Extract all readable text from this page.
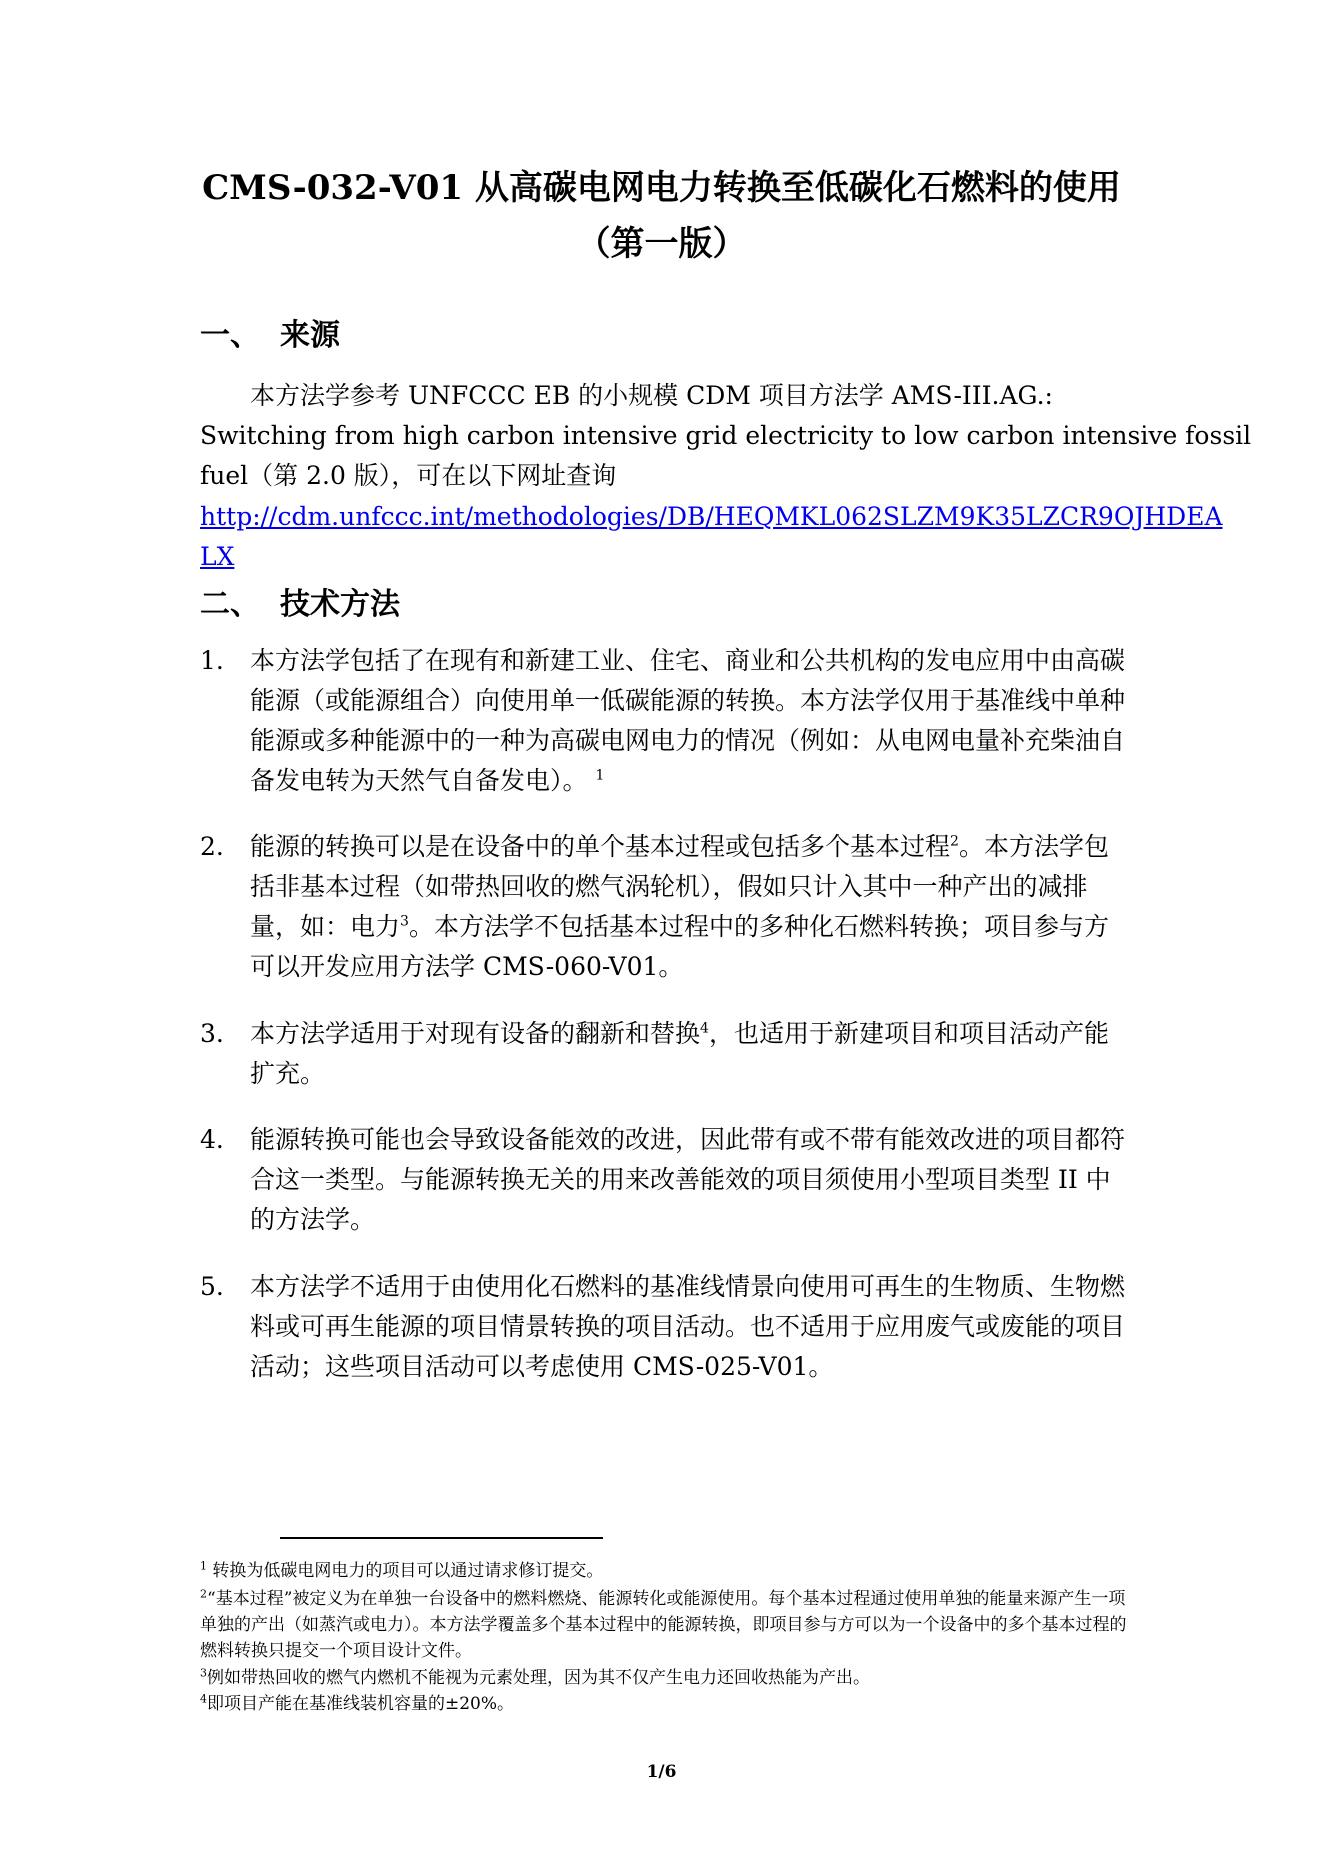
CMS-032-V01 从高碳电网电力转换至低碳化石燃料的使用
（第一版）
一、 来源
本方法学参考 UNFCCC EB 的小规模 CDM 项目方法学 AMS-III.AG.:
Switching from high carbon intensive grid electricity to low carbon intensive fossil
fuel（第 2.0 版），可在以下网址查询
http://cdm.unfccc.int/methodologies/DB/HEQMKL062SLZM9K35LZCR9OJHDEA
LX
二、 技术方法
1.	本方法学包括了在现有和新建工业、住宅、商业和公共机构的发电应用中由高碳能源（或能源组合）向使用单一低碳能源的转换。本方法学仅用于基准线中单种能源或多种能源中的一种为高碳电网电力的情况（例如：从电网电量补充柴油自备发电转为天然气自备发电）。 $^1$
2.	能源的转换可以是在设备中的单个基本过程或包括多个基本过程$^2$。本方法学包括非基本过程（如带热回收的燃气涡轮机），假如只计入其中一种产出的减排量，如：电力$^3$。本方法学不包括基本过程中的多种化石燃料转换；项目参与方可以开发应用方法学 CMS-060-V01。
3.	本方法学适用于对现有设备的翻新和替换$^4$，也适用于新建项目和项目活动产能扩充。
4.	能源转换可能也会导致设备能效的改进，因此带有或不带有能效改进的项目都符合这一类型。与能源转换无关的用来改善能效的项目须使用小型项目类型 II 中的方法学。
5.	本方法学不适用于由使用化石燃料的基准线情景向使用可再生的生物质、生物燃料或可再生能源的项目情景转换的项目活动。也不适用于应用废气或废能的项目活动；这些项目活动可以考虑使用 CMS-025-V01。
$^1$ 转换为低碳电网电力的项目可以通过请求修订提交。
$^2$“基本过程”被定义为在单独一台设备中的燃料燃烧、能源转化或能源使用。每个基本过程通过使用单独的能量来源产生一项单独的产出（如蒸汽或电力）。本方法学覆盖多个基本过程中的能源转换，即项目参与方可以为一个设备中的多个基本过程的燃料转换只提交一个项目设计文件。
$^3$例如带热回收的燃气内燃机不能视为元素处理，因为其不仅产生电力还回收热能为产出。
$^4$即项目产能在基准线装机容量的±20%。
1/6
